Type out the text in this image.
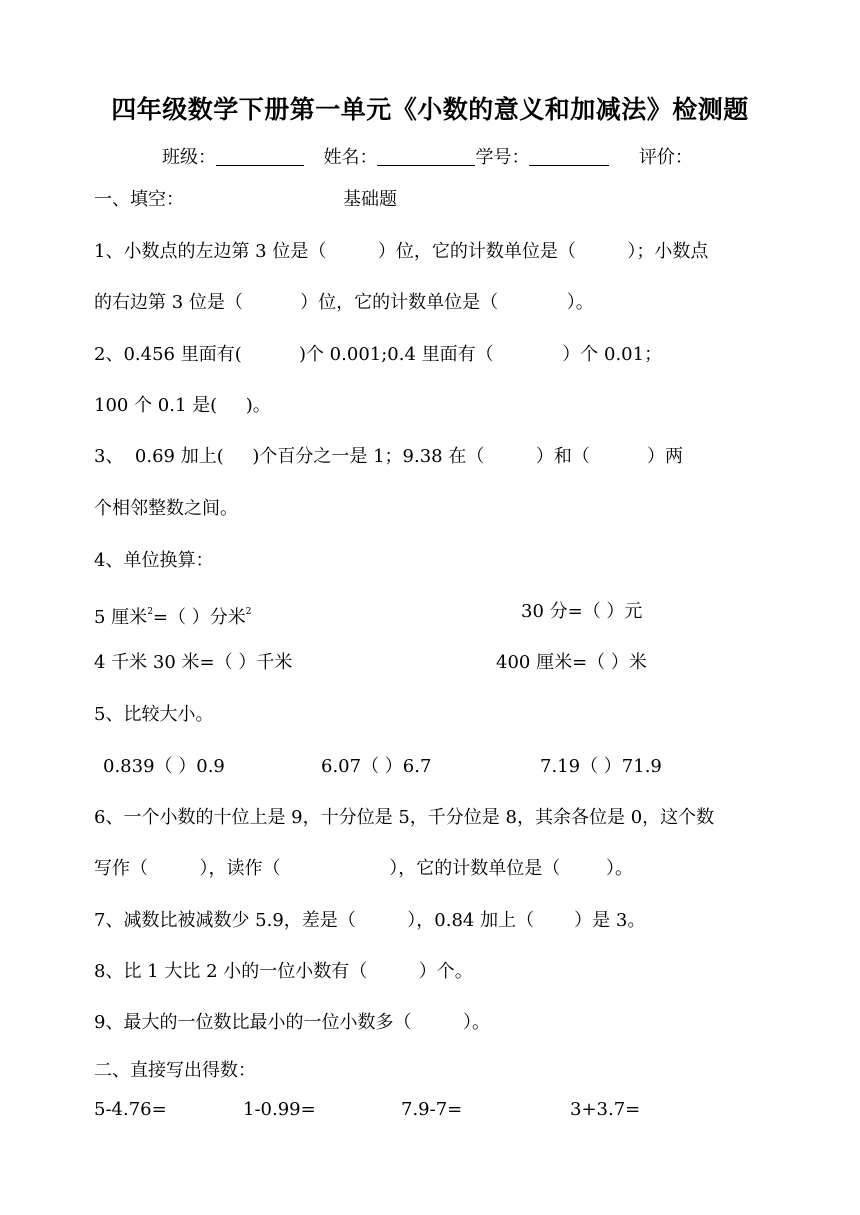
四年级数学下册第一单元《小数的意义和加减法》检测题
班级：	姓名：	学号：	评价：
一、填空：	基础题
1、小数点的左边第 3 位是（         ）位，它的计数单位是（         ）；小数点
的右边第 3 位是（          ）位，它的计数单位是（            ）。
2、0.456 里面有(          )个 0.001;0.4 里面有（            ）个 0.01；
100 个 0.1 是(     )。
3、  0.69 加上(     )个百分之一是 1；9.38 在（         ）和（          ）两
个相邻整数之间。
4、单位换算：
5 厘米$^2$=（ ）分米$^2$	30 分=（ ）元
4 千米 30 米=（ ）千米	400 厘米=（ ）米
5、比较大小。
0.839（ ）0.9	6.07（ ）6.7	7.19（ ）71.9
6、一个小数的十位上是 9，十分位是 5，千分位是 8，其余各位是 0，这个数
写作（         ），读作（                   ），它的计数单位是（        ）。
7、减数比被减数少 5.9，差是（         ），0.84 加上（       ）是 3。
8、比 1 大比 2 小的一位小数有（         ）个。
9、最大的一位数比最小的一位小数多（         ）。
二、直接写出得数：
5-4.76=	1-0.99=	7.9-7=	3+3.7=
